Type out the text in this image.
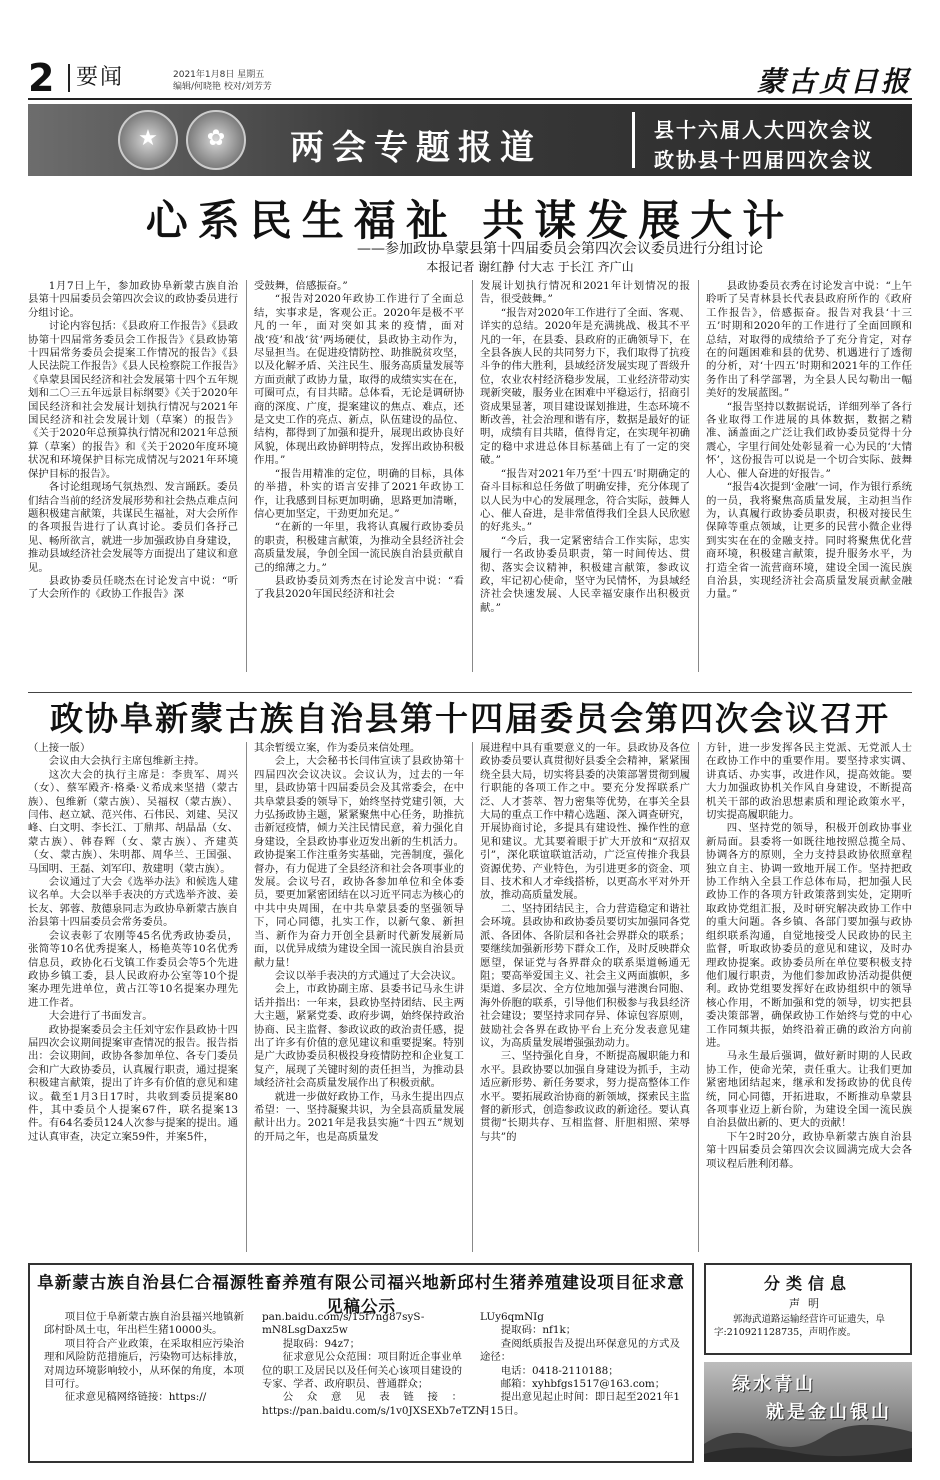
2 要闻	2021年1月8日 星期五
编辑/何晓艳 校对/刘芳芳	蒙古贞日报
★	✿	两会专题报道	县十六届人大四次会议
政协县十四届四次会议
心系民生福祉 共谋发展大计
——参加政协阜蒙县第十四届委员会第四次会议委员进行分组讨论
本报记者 谢红静 付大志 于长江 齐广山

1月7日上午，参加政协阜新蒙古族自治县第十四届委员会第四次会议的政协委员进行分组讨论。

讨论内容包括：《县政府工作报告》《县政协第十四届常务委员会工作报告》《县政协第十四届常务委员会提案工作情况的报告》《县人民法院工作报告》《县人民检察院工作报告》《阜蒙县国民经济和社会发展第十四个五年规划和二〇三五年远景目标纲要》《关于2020年国民经济和社会发展计划执行情况与2021年国民经济和社会发展计划（草案）的报告》《关于2020年总预算执行情况和2021年总预算（草案）的报告》和《关于2020年度环境状况和环境保护目标完成情况与2021年环境保护目标的报告》。

各讨论组现场气氛热烈、发言踊跃。委员们结合当前的经济发展形势和社会热点难点问题积极建言献策，共谋民生福祉，对大会所作的各项报告进行了认真讨论。委员们各抒己见、畅所欲言，就进一步加强政协自身建设，推动县域经济社会发展等方面提出了建议和意见。

县政协委员任晓杰在讨论发言中说：“听了大会所作的《政协工作报告》深

受鼓舞，倍感振奋。”

“报告对2020年政协工作进行了全面总结，实事求是，客观公正。2020年是极不平凡的一年，面对突如其来的疫情，面对战‘疫’和战‘贫’两场硬仗，县政协主动作为，尽显担当。在促进疫情防控、助推脱贫攻坚，以及化解矛盾、关注民生、服务高质量发展等方面贡献了政协力量，取得的成绩实实在在，可圈可点，有目共睹。总体看，无论是调研协商的深度、广度，提案建议的焦点、难点，还是文史工作的亮点、新点，队伍建设的品位、结构，都得到了加强和提升，展现出政协良好风貌，体现出政协鲜明特点，发挥出政协积极作用。”

“报告用精准的定位，明确的目标，具体的举措，朴实的语言安排了2021年政协工作，让我感到目标更加明确，思路更加清晰，信心更加坚定，干劲更加充足。”

“在新的一年里，我将认真履行政协委员的职责，积极建言献策，为推动全县经济社会高质量发展，争创全国一流民族自治县贡献自己的绵薄之力。”

县政协委员刘秀杰在讨论发言中说：“看了我县2020年国民经济和社会

发展计划执行情况和2021年计划情况的报告，很受鼓舞。”

“报告对2020年工作进行了全面、客观、详实的总结。2020年是充满挑战、极其不平凡的一年，在县委、县政府的正确领导下，在全县各族人民的共同努力下，我们取得了抗疫斗争的伟大胜利，县域经济发展实现了晋级升位，农业农村经济稳步发展，工业经济带动实现新突破，服务业在困难中平稳运行，招商引资成果显著，项目建设谋划推进，生态环境不断改善，社会治理和谐有序，数据是最好的证明，成绩有目共睹，值得肯定，在实现年初确定的稳中求进总体目标基础上有了一定的突破。”

“报告对2021年乃至‘十四五’时期确定的奋斗目标和总任务做了明确安排，充分体现了以人民为中心的发展理念，符合实际，鼓舞人心、催人奋进，是非常值得我们全县人民欣慰的好兆头。”

“今后，我一定紧密结合工作实际，忠实履行一名政协委员职责，第一时间传达、贯彻、落实会议精神，积极建言献策，参政议政，牢记初心使命，坚守为民情怀，为县域经济社会快速发展、人民幸福安康作出积极贡献。”

县政协委员衣秀在讨论发言中说：“上午聆听了吴青林县长代表县政府所作的《政府工作报告》，倍感振奋。报告对我县‘十三五’时期和2020年的工作进行了全面回顾和总结，对取得的成绩给予了充分肯定，对存在的问题困难和县的优势、机遇进行了透彻的分析，对‘十四五’时期和2021年的工作任务作出了科学部署，为全县人民勾勒出一幅美好的发展蓝图。”

“报告坚持以数据说话，详细列举了各行各业取得工作进展的具体数据，数据之精准、涵盖面之广泛让我们政协委员觉得十分震心，字里行间处处彰显着一心为民的‘大情怀’，这份报告可以说是一个切合实际、鼓舞人心、催人奋进的好报告。”

“报告4次提到‘金融’一词，作为银行系统的一员，我将聚焦高质量发展，主动担当作为，认真履行政协委员职责，积极对接民生保障等重点领域，让更多的民营小微企业得到实实在在的金融支持。同时将聚焦优化营商环境，积极建言献策，提升服务水平，为打造全省一流营商环境，建设全国一流民族自治县，实现经济社会高质量发展贡献金融力量。”

政协阜新蒙古族自治县第十四届委员会第四次会议召开

（上接一版）

会议由大会执行主席包维新主持。

这次大会的执行主席是：李贵军、周兴（女）、蔡军殿齐·格桑·义希成来坚措（蒙古族）、包维新（蒙古族）、吴福权（蒙古族）、闫伟、赵立斌、范兴伟、石伟民、刘建、吴汉峰、白文明、李长江、丁鼎邦、胡晶晶（女、蒙古族）、韩春辉（女、蒙古族）、齐建英（女、蒙古族）、朱明都、周华兰、王国强、马国明、王磊、刘军印、敖建明（蒙古族）。

会议通过了大会《选举办法》和候选人建议名单。大会以举手表决的方式选举齐波、姜长友、郭蓉、敖德泉同志为政协阜新蒙古族自治县第十四届委员会常务委员。

会议表彰了农刚等45名优秀政协委员，张简等10名优秀提案人，杨艳英等10名优秀信息员，政协化石戈镇工作委员会等5个先进政协乡镇工委，县人民政府办公室等10个提案办理先进单位，黄占江等10名提案办理先进工作者。

大会进行了书面发言。

政协提案委员会主任刘守宏作县政协十四届四次会议期间提案审查情况的报告。报告指出：会议期间，政协各参加单位、各专门委员会和广大政协委员，认真履行职责，通过提案积极建言献策，提出了许多有价值的意见和建议。截至1月3日17时，共收到委员提案80件，其中委员个人提案67件，联名提案13件。有64名委员124人次参与提案的提出。通过认真审查，决定立案59件，并案5件，

其余暂缓立案，作为委员来信处理。

会上，大会秘书长闫伟宣读了县政协第十四届四次会议决议。会议认为，过去的一年里，县政协第十四届委员会及其常委会，在中共阜蒙县委的领导下，始终坚持党建引领，大力弘扬政协主题，紧紧聚焦中心任务，助推抗击新冠疫情，倾力关注民情民意，着力强化自身建设，全县政协事业迈发出新的生机活力。政协提案工作注重务实基础，完善制度，强化督办，有力促进了全县经济和社会各项事业的发展。会议号召，政协各参加单位和全体委员，要更加紧密团结在以习近平同志为核心的中共中央周围，在中共阜蒙县委的坚强领导下，同心同德，扎实工作，以新气象、新担当、新作为奋力开创全县新时代新发展新局面，以优异成绩为建设全国一流民族自治县贡献力量！

会议以举手表决的方式通过了大会决议。

会上，市政协副主席、县委书记马永生讲话并指出：一年来，县政协坚持团结、民主两大主题，紧紧党委、政府步调，始终保持政治协商、民主监督、参政议政的政治责任感，提出了许多有价值的意见建议和重要提案。特别是广大政协委员积极投身疫情防控和企业复工复产，展现了关键时刻的责任担当，为推动县域经济社会高质量发展作出了积极贡献。

就进一步做好政协工作，马永生提出四点希望：一、坚持凝聚共识，为全县高质量发展献计出力。2021年是我县实施“十四五”规划的开局之年，也是高质量发

展进程中具有重要意义的一年。县政协及各位政协委员要认真贯彻好县委全会精神，紧紧围绕全县大局，切实将县委的决策部署贯彻到履行职能的各项工作之中。要充分发挥联系广泛、人才荟萃、智力密集等优势，在事关全县大局的重点工作中精心选题、深入调查研究，开展协商讨论，多提具有建设性、操作性的意见和建议。尤其要着眼于扩大开放和“双招双引”，深化联谊联谊活动，广泛宣传推介我县资源优势、产业特色，为引进更多的资金、项目、技术和人才牵线搭桥，以更高水平对外开放，推动高质量发展。

二、坚持团结民主，合力营造稳定和谐社会环境。县政协和政协委员要切实加强同各党派、各团体、各阶层和各社会界群众的联系；要继续加强新形势下群众工作，及时反映群众愿望，保证党与各界群众的联系渠道畅通无阻；要高举爱国主义、社会主义两面旗帜，多渠道、多层次、全方位地加强与港澳台同胞、海外侨胞的联系，引导他们积极参与我县经济社会建设；要坚持求同存异、体谅包容原则，鼓励社会各界在政协平台上充分发表意见建议，为高质量发展增强强劲动力。

三、坚持强化自身，不断提高履职能力和水平。县政协要以加强自身建设为抓手，主动适应新形势、新任务要求，努力提高整体工作水平。要拓展政治协商的新领域，探索民主监督的新形式，创造参政议政的新途径。要认真贯彻“长期共存、互相监督、肝胆相照、荣辱与共”的

方针，进一步发挥各民主党派、无党派人士在政协工作中的重要作用。要坚持求实调、讲真话、办实事，改进作风，提高效能。要大力加强政协机关作风自身建设，不断提高机关干部的政治思想素质和理论政策水平，切实提高履职能力。

四、坚持党的领导，积极开创政协事业新局面。县委将一如既往地按照总揽全局、协调各方的原则，全力支持县政协依照章程独立自主、协调一致地开展工作。坚持把政协工作纳入全县工作总体布局，把加强人民政协工作的各项方针政策落到实处，定期听取政协党组汇报，及时研究解决政协工作中的重大问题。各乡镇、各部门要加强与政协组织联系沟通，自觉地接受人民政协的民主监督，听取政协委员的意见和建议，及时办理政协提案。政协委员所在单位要积极支持他们履行职责，为他们参加政协活动提供便利。政协党组要发挥好在政协组织中的领导核心作用，不断加强和党的领导，切实把县委决策部署，确保政协工作始终与党的中心工作同频共振，始终沿着正确的政治方向前进。

马永生最后强调，做好新时期的人民政协工作，使命光荣，责任重大。让我们更加紧密地团结起来，继承和发扬政协的优良传统，同心同德，开拓进取，不断推动阜蒙县各项事业迈上新台阶，为建设全国一流民族自治县做出新的、更大的贡献！

下午2时20分，政协阜新蒙古族自治县第十四届委员会第四次会议圆满完成大会各项议程后胜利闭幕。

阜新蒙古族自治县仁合福源牲畜养殖有限公司福兴地新邱村生猪养殖建设项目征求意见稿公示

项目位于阜新蒙古族自治县福兴地镇新邱村卧凤土屯，年出栏生猪10000头。

项目符合产业政策，在采取相应污染治理和风险防范措施后，污染物可达标排放，对周边环境影响较小，从环保的角度，本项目可行。

征求意见稿网络链接：https://

pan.baidu.com/s/15f7ng87syS-mN8LsgDaxz5w

提取码：94z7；

征求意见公众范围：项目附近企事业单位的职工及居民以及任何关心该项目建设的专家、学者、政府职员、普通群众；

公众意见表链接：https://pan.baidu.com/s/1v0JXSEXb7eTZN-

LUy6qmNIg

提取码：nf1k；

查阅纸质报告及提出环保意见的方式及途径：

电话：0418-2110188；

邮箱：xyhbfgs1517@163.com；

提出意见起止时间：即日起至2021年1月15日。

分类信息
声明
郭海武道路运输经营许可证遗失，阜字:210921128735，声明作废。
绿水青山
就是金山银山
